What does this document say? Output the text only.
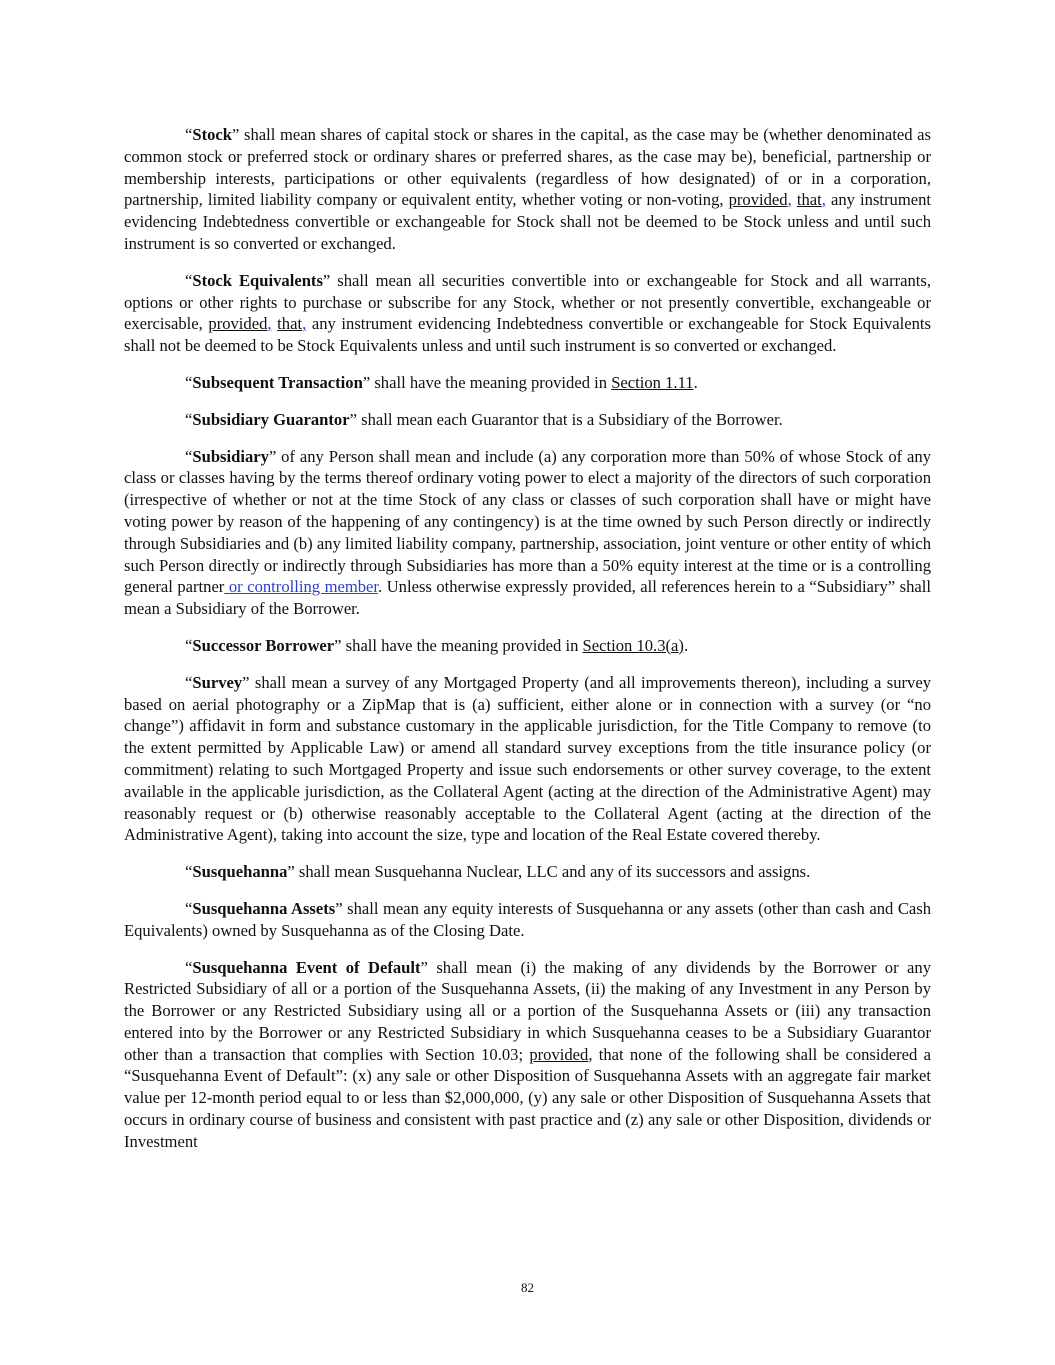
“Stock” shall mean shares of capital stock or shares in the capital, as the case may be (whether denominated as common stock or preferred stock or ordinary shares or preferred shares, as the case may be), beneficial, partnership or membership interests, participations or other equivalents (regardless of how designated) of or in a corporation, partnership, limited liability company or equivalent entity, whether voting or non-voting, provided, that, any instrument evidencing Indebtedness convertible or exchangeable for Stock shall not be deemed to be Stock unless and until such instrument is so converted or exchanged.

“Stock Equivalents” shall mean all securities convertible into or exchangeable for Stock and all warrants, options or other rights to purchase or subscribe for any Stock, whether or not presently convertible, exchangeable or exercisable, provided, that, any instrument evidencing Indebtedness convertible or exchangeable for Stock Equivalents shall not be deemed to be Stock Equivalents unless and until such instrument is so converted or exchanged.

“Subsequent Transaction” shall have the meaning provided in Section 1.11.

“Subsidiary Guarantor” shall mean each Guarantor that is a Subsidiary of the Borrower.

“Subsidiary” of any Person shall mean and include (a) any corporation more than 50% of whose Stock of any class or classes having by the terms thereof ordinary voting power to elect a majority of the directors of such corporation (irrespective of whether or not at the time Stock of any class or classes of such corporation shall have or might have voting power by reason of the happening of any contingency) is at the time owned by such Person directly or indirectly through Subsidiaries and (b) any limited liability company, partnership, association, joint venture or other entity of which such Person directly or indirectly through Subsidiaries has more than a 50% equity interest at the time or is a controlling general partner or controlling member. Unless otherwise expressly provided, all references herein to a “Subsidiary” shall mean a Subsidiary of the Borrower.

“Successor Borrower” shall have the meaning provided in Section 10.3(a).

“Survey” shall mean a survey of any Mortgaged Property (and all improvements thereon), including a survey based on aerial photography or a ZipMap that is (a) sufficient, either alone or in connection with a survey (or “no change”) affidavit in form and substance customary in the applicable jurisdiction, for the Title Company to remove (to the extent permitted by Applicable Law) or amend all standard survey exceptions from the title insurance policy (or commitment) relating to such Mortgaged Property and issue such endorsements or other survey coverage, to the extent available in the applicable jurisdiction, as the Collateral Agent (acting at the direction of the Administrative Agent) may reasonably request or (b) otherwise reasonably acceptable to the Collateral Agent (acting at the direction of the Administrative Agent), taking into account the size, type and location of the Real Estate covered thereby.

“Susquehanna” shall mean Susquehanna Nuclear, LLC and any of its successors and assigns.

“Susquehanna Assets” shall mean any equity interests of Susquehanna or any assets (other than cash and Cash Equivalents) owned by Susquehanna as of the Closing Date.

“Susquehanna Event of Default” shall mean (i) the making of any dividends by the Borrower or any Restricted Subsidiary of all or a portion of the Susquehanna Assets, (ii) the making of any Investment in any Person by the Borrower or any Restricted Subsidiary using all or a portion of the Susquehanna Assets or (iii) any transaction entered into by the Borrower or any Restricted Subsidiary in which Susquehanna ceases to be a Subsidiary Guarantor other than a transaction that complies with Section 10.03; provided, that none of the following shall be considered a “Susquehanna Event of Default”: (x) any sale or other Disposition of Susquehanna Assets with an aggregate fair market value per 12-month period equal to or less than $2,000,000, (y) any sale or other Disposition of Susquehanna Assets that occurs in ordinary course of business and consistent with past practice and (z) any sale or other Disposition, dividends or Investment

82
